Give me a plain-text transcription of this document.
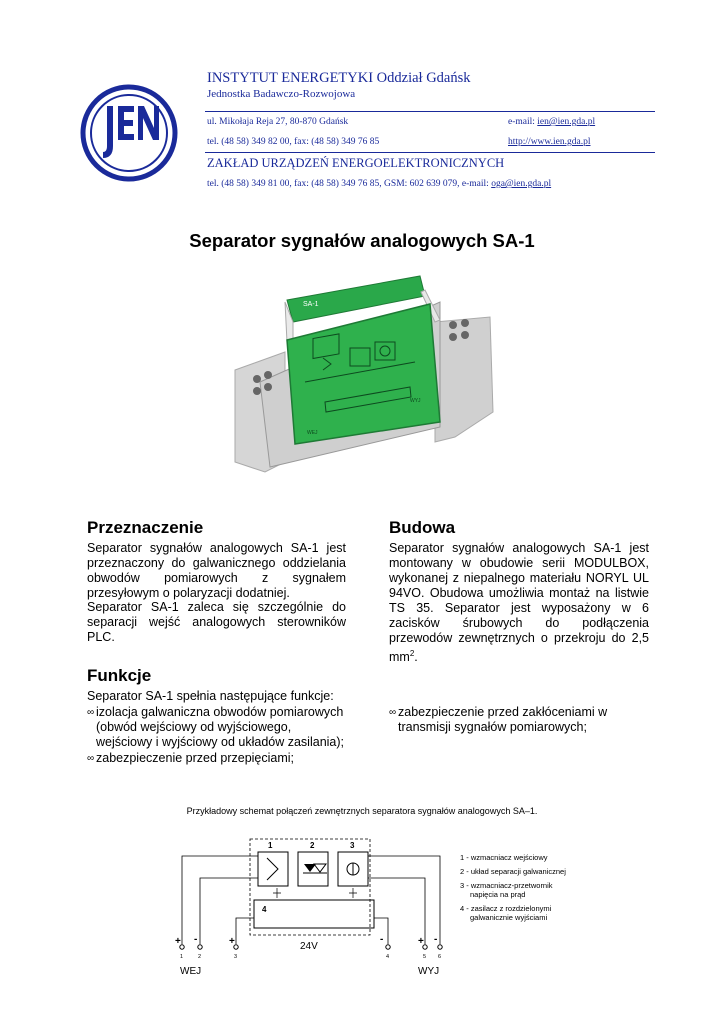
INSTYTUT ENERGETYKI Oddział Gdańsk
Jednostka Badawczo-Rozwojowa
ul. Mikołaja Reja 27, 80-870 Gdańsk	e-mail: ien@ien.gda.pl
tel. (48 58) 349 82 00, fax: (48 58) 349 76 85	http://www.ien.gda.pl
ZAKŁAD URZĄDZEŃ ENERGOELEKTRONICZNYCH
tel. (48 58) 349 81 00, fax: (48 58) 349 76 85, GSM: 602 639 079, e-mail: oga@ien.gda.pl
Separator sygnałów analogowych SA-1
SA-1
WEJ
WYJ
Przeznaczenie
Separator sygnałów analogowych SA-1 jest przeznaczony do galwanicznego oddzielania obwodów pomiarowych z sygnałem przesyłowym o polaryzacji dodatniej.
Separator SA-1 zaleca się szczególnie do separacji wejść analogowych sterowników PLC.
Budowa
Separator sygnałów analogowych SA-1 jest montowany w obudowie serii MODULBOX, wykonanej z niepalnego materiału NORYL UL 94VO. Obudowa umożliwia montaż na listwie TS 35. Separator jest wyposażony w 6 zacisków śrubowych do podłączenia przewodów zewnętrznych o przekroju do 2,5 $mm^2$.
Funkcje
Separator SA-1 spełnia następujące funkcje:
∞ izolacja galwaniczna obwodów pomiarowych (obwód wejściowy od wyjściowego, wejściowy i wyjściowy od układów zasilania);
∞ zabezpieczenie przed przepięciami;
∞ zabezpieczenie przed zakłóceniami w transmisji sygnałów pomiarowych;
Przykładowy schemat połączeń zewnętrznych separatora sygnałów analogowych SA–1.
1	2	3
4
1	2	3	4	5 6
+ -	+	-	+ -
24V
WEJ	WYJ
1 - wzmacniacz wejściowy
2 - układ separacji galwanicznej
3 - wzmacniacz-przetwornik
napięcia na prąd
4 - zasilacz z rozdzielonymi
galwanicznie wyjściami
